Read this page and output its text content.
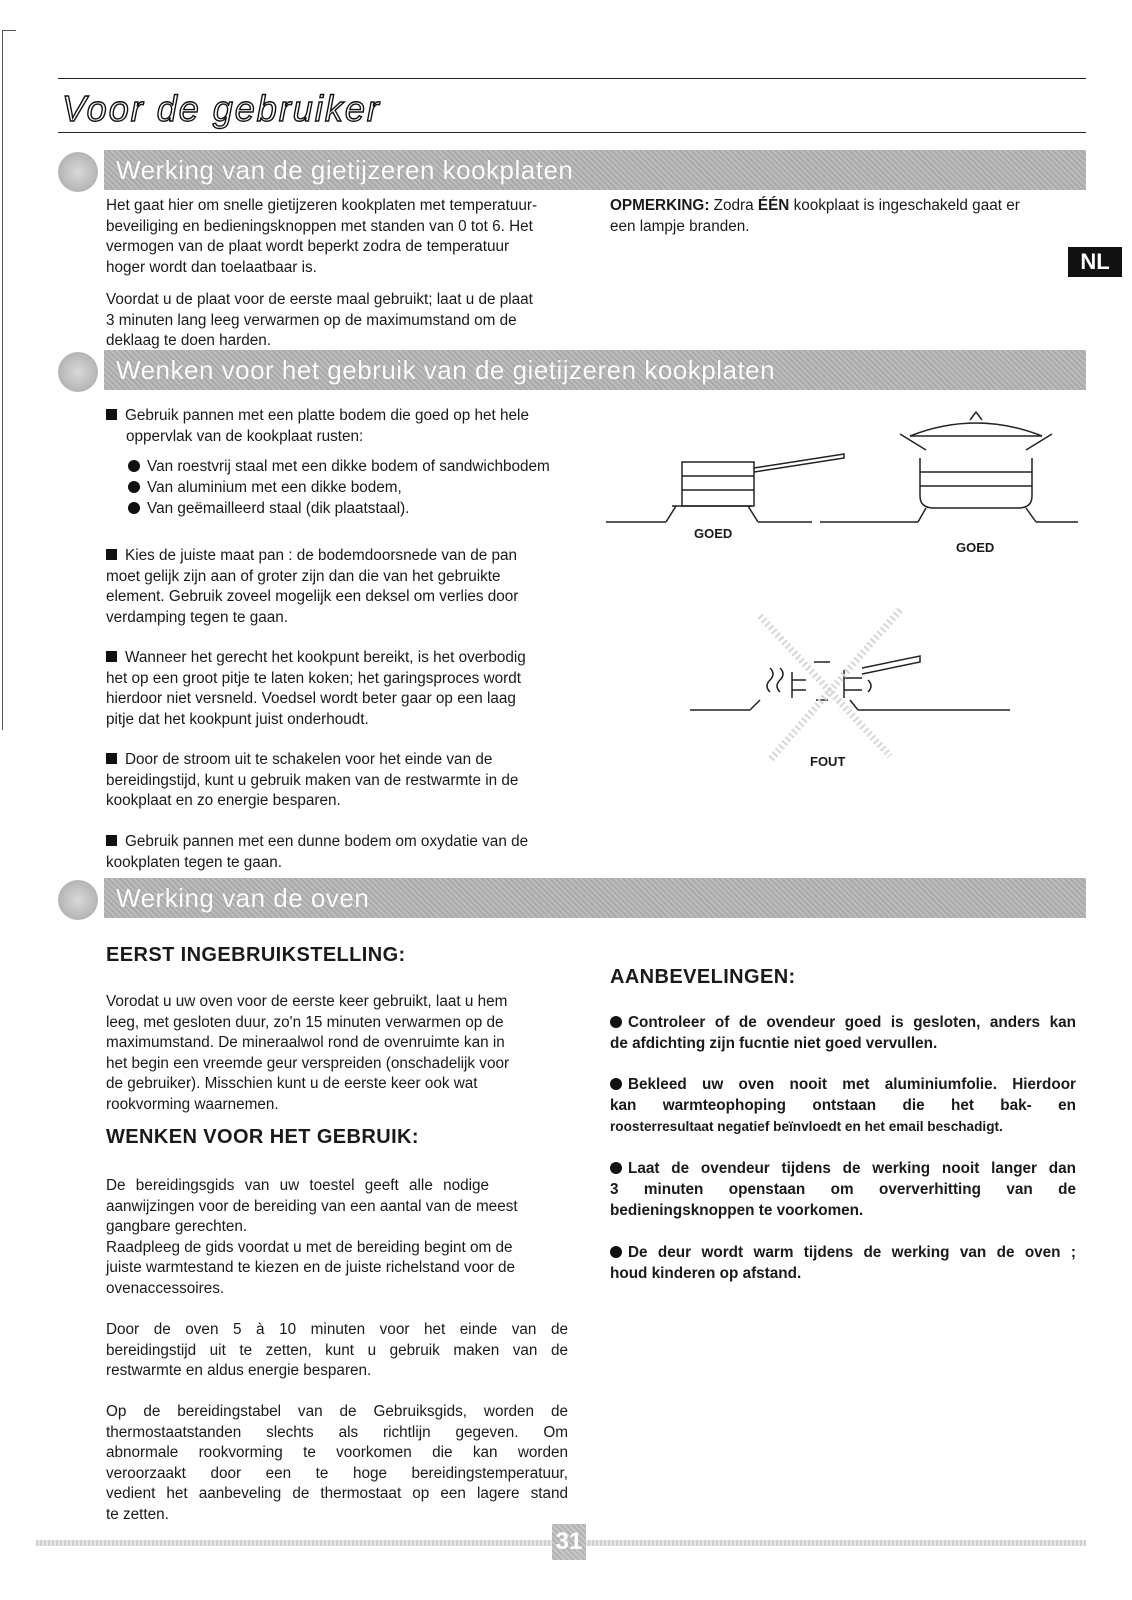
Voor de gebruiker
NL
Werking van de gietijzeren kookplaten
Het gaat hier om snelle gietijzeren kookplaten met temperatuur-
beveiliging en bedieningsknoppen met standen van 0 tot 6. Het
vermogen van de plaat wordt beperkt zodra de temperatuur
hoger wordt dan toelaatbaar is.
Voordat u de plaat voor de eerste maal gebruikt; laat u de plaat
3 minuten lang leeg verwarmen op de maximumstand om de
deklaag te doen harden.
OPMERKING: Zodra ÉÉN kookplaat is ingeschakeld gaat er
een lampje branden.
Wenken voor het gebruik van de gietijzeren kookplaten
Gebruik pannen met een platte bodem die goed op het hele
oppervlak van de kookplaat rusten:
Van roestvrij staal met een dikke bodem of sandwichbodem
Van aluminium met een dikke bodem,
Van geëmailleerd staal (dik plaatstaal).
Kies de juiste maat pan : de bodemdoorsnede van de pan
moet gelijk zijn aan of groter zijn dan die van het gebruikte
element. Gebruik zoveel mogelijk een deksel om verlies door
verdamping tegen te gaan.
Wanneer het gerecht het kookpunt bereikt, is het overbodig
het op een groot pitje te laten koken; het garingsproces wordt
hierdoor niet versneld. Voedsel wordt beter gaar op een laag
pitje dat het kookpunt juist onderhoudt.
Door de stroom uit te schakelen voor het einde van de
bereidingstijd, kunt u gebruik maken van de restwarmte in de
kookplaat en zo energie besparen.
Gebruik pannen met een dunne bodem om oxydatie van de
kookplaten tegen te gaan.
GOED
GOED
FOUT
Werking van de oven
EERST INGEBRUIKSTELLING:
Vorodat u uw oven voor de eerste keer gebruikt, laat u hem
leeg, met gesloten duur, zo'n 15 minuten verwarmen op de
maximumstand. De mineraalwol rond de ovenruimte kan in
het begin een vreemde geur verspreiden (onschadelijk voor
de gebruiker). Misschien kunt u de eerste keer ook wat
rookvorming waarnemen.
WENKEN VOOR HET GEBRUIK:
De bereidingsgids van uw toestel geeft alle nodige
aanwijzingen voor de bereiding van een aantal van de meest
gangbare gerechten.
Raadpleeg de gids voordat u met de bereiding begint om de
juiste warmtestand te kiezen en de juiste richelstand voor de
ovenaccessoires.
Door de oven 5 à 10 minuten voor het einde van de
bereidingstijd uit te zetten, kunt u gebruik maken van de
restwarmte en aldus energie besparen.
Op de bereidingstabel van de Gebruiksgids, worden de
thermostaatstanden slechts als richtlijn gegeven. Om
abnormale rookvorming te voorkomen die kan worden
veroorzaakt door een te hoge bereidingstemperatuur,
vedient het aanbeveling de thermostaat op een lagere stand
te zetten.
AANBEVELINGEN:
Controleer of de ovendeur goed is gesloten, anders kan
de afdichting zijn fucntie niet goed vervullen.
Bekleed uw oven nooit met aluminiumfolie. Hierdoor
kan warmteophoping ontstaan die het bak- en
roosterresultaat negatief beïnvloedt en het email beschadigt.
Laat de ovendeur tijdens de werking nooit langer dan
3 minuten openstaan om oververhitting van de
bedieningsknoppen te voorkomen.
De deur wordt warm tijdens de werking van de oven ;
houd kinderen op afstand.
31
